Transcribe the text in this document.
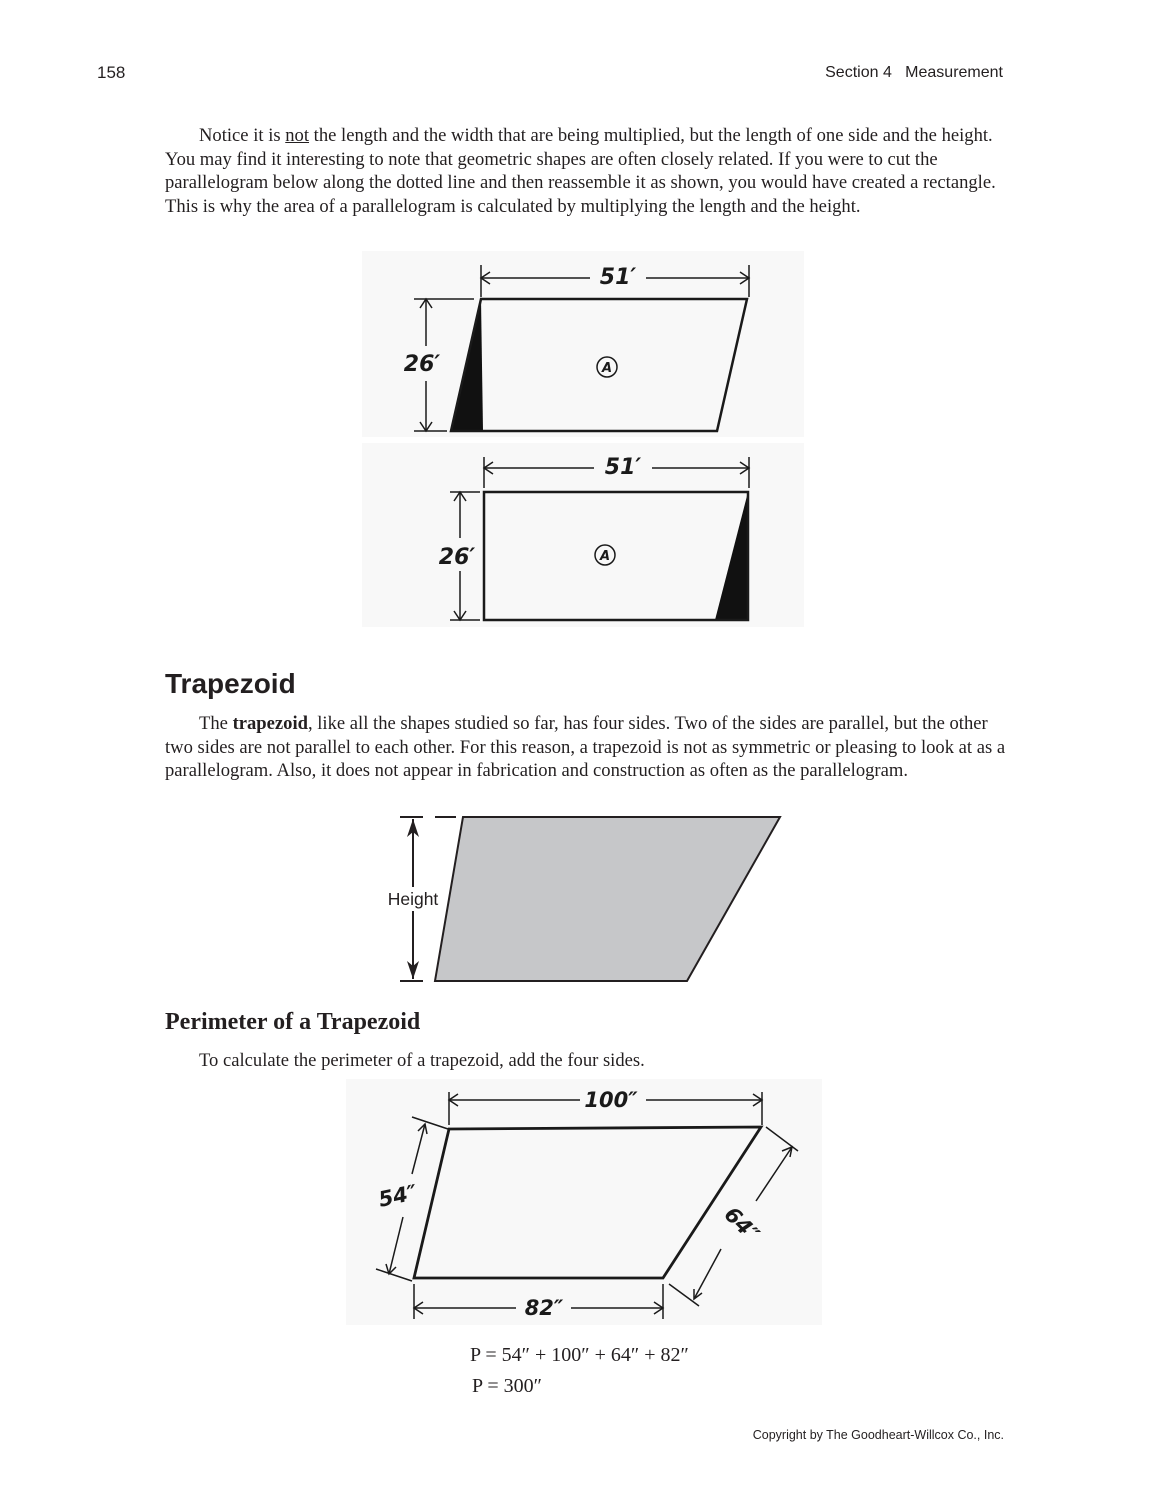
158	Section 4   Measurement
Notice it is not the length and the width that are being multiplied, but the length of one side and the height. You may find it interesting to note that geometric shapes are often closely related. If you were to cut the parallelogram below along the dotted line and then reassemble it as shown, you would have created a rectangle. This is why the area of a parallelogram is calculated by multiplying the length and the height.
51′
26′	A
51′
26′	A
Trapezoid
The trapezoid, like all the shapes studied so far, has four sides. Two of the sides are parallel, but the other two sides are not parallel to each other. For this reason, a trapezoid is not as symmetric or pleasing to look at as a parallelogram. Also, it does not appear in fabrication and construction as often as the parallelogram.
Height
Perimeter of a Trapezoid
To calculate the perimeter of a trapezoid, add the four sides.
100″
54″
64″
82″
P = 54″ + 100″ + 64″ + 82″
P = 300″
Copyright by The Goodheart-Willcox Co., Inc.
